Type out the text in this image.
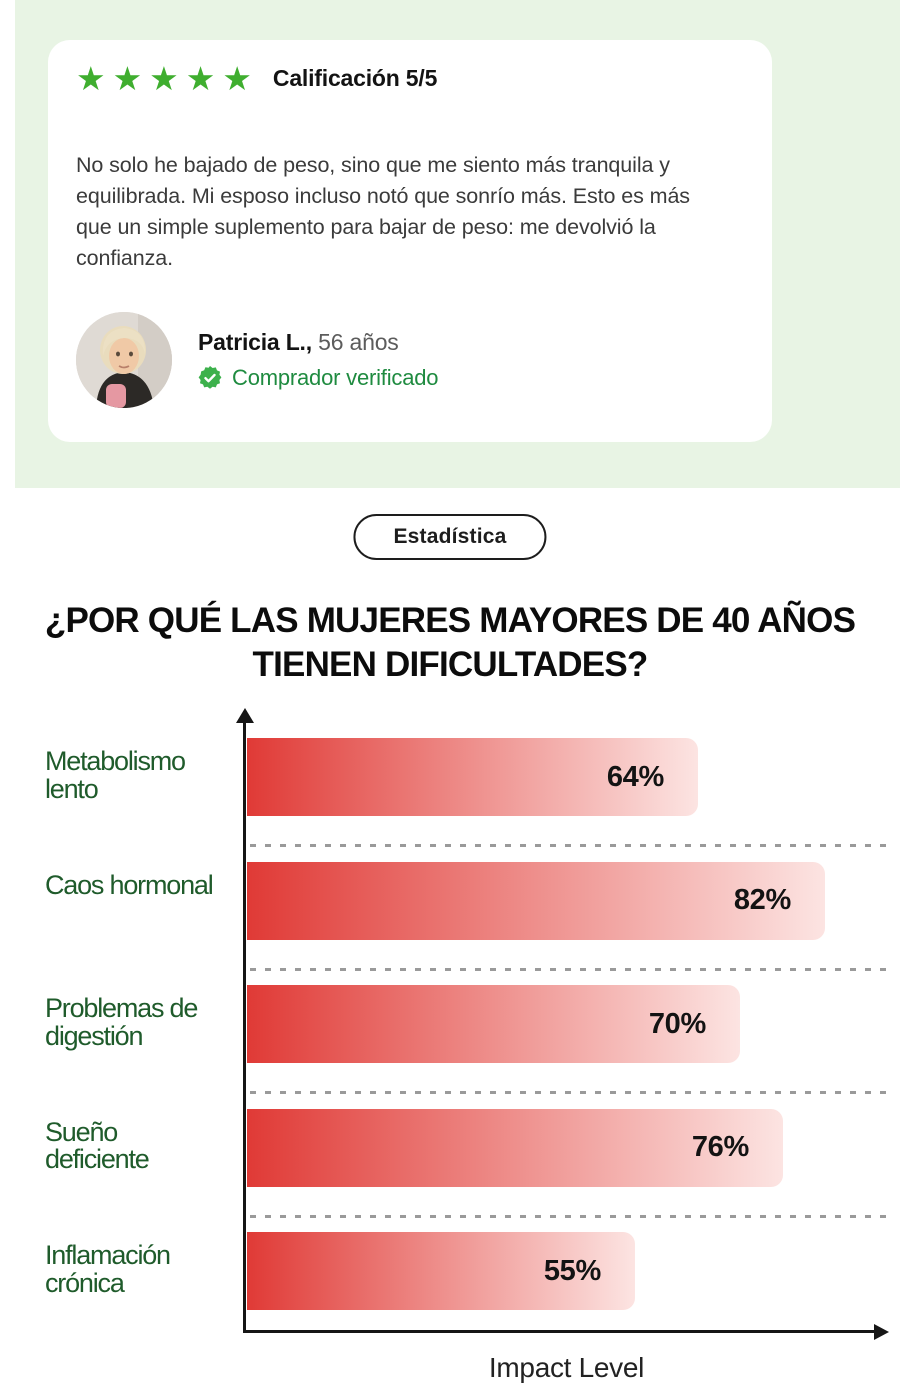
★★★★★ Calificación 5/5

No solo he bajado de peso, sino que me siento más tranquila y equilibrada. Mi esposo incluso notó que sonrío más. Esto es más que un simple suplemento para bajar de peso: me devolvió la confianza.

Patricia L., 56 años
Comprador verificado
Estadística
¿POR QUÉ LAS MUJERES MAYORES DE 40 AÑOS TIENEN DIFICULTADES?
Metabolismo lento	64%
Caos hormonal	82%
Problemas de digestión	70%
Sueño deficiente	76%
Inflamación crónica	55%
Impact Level
